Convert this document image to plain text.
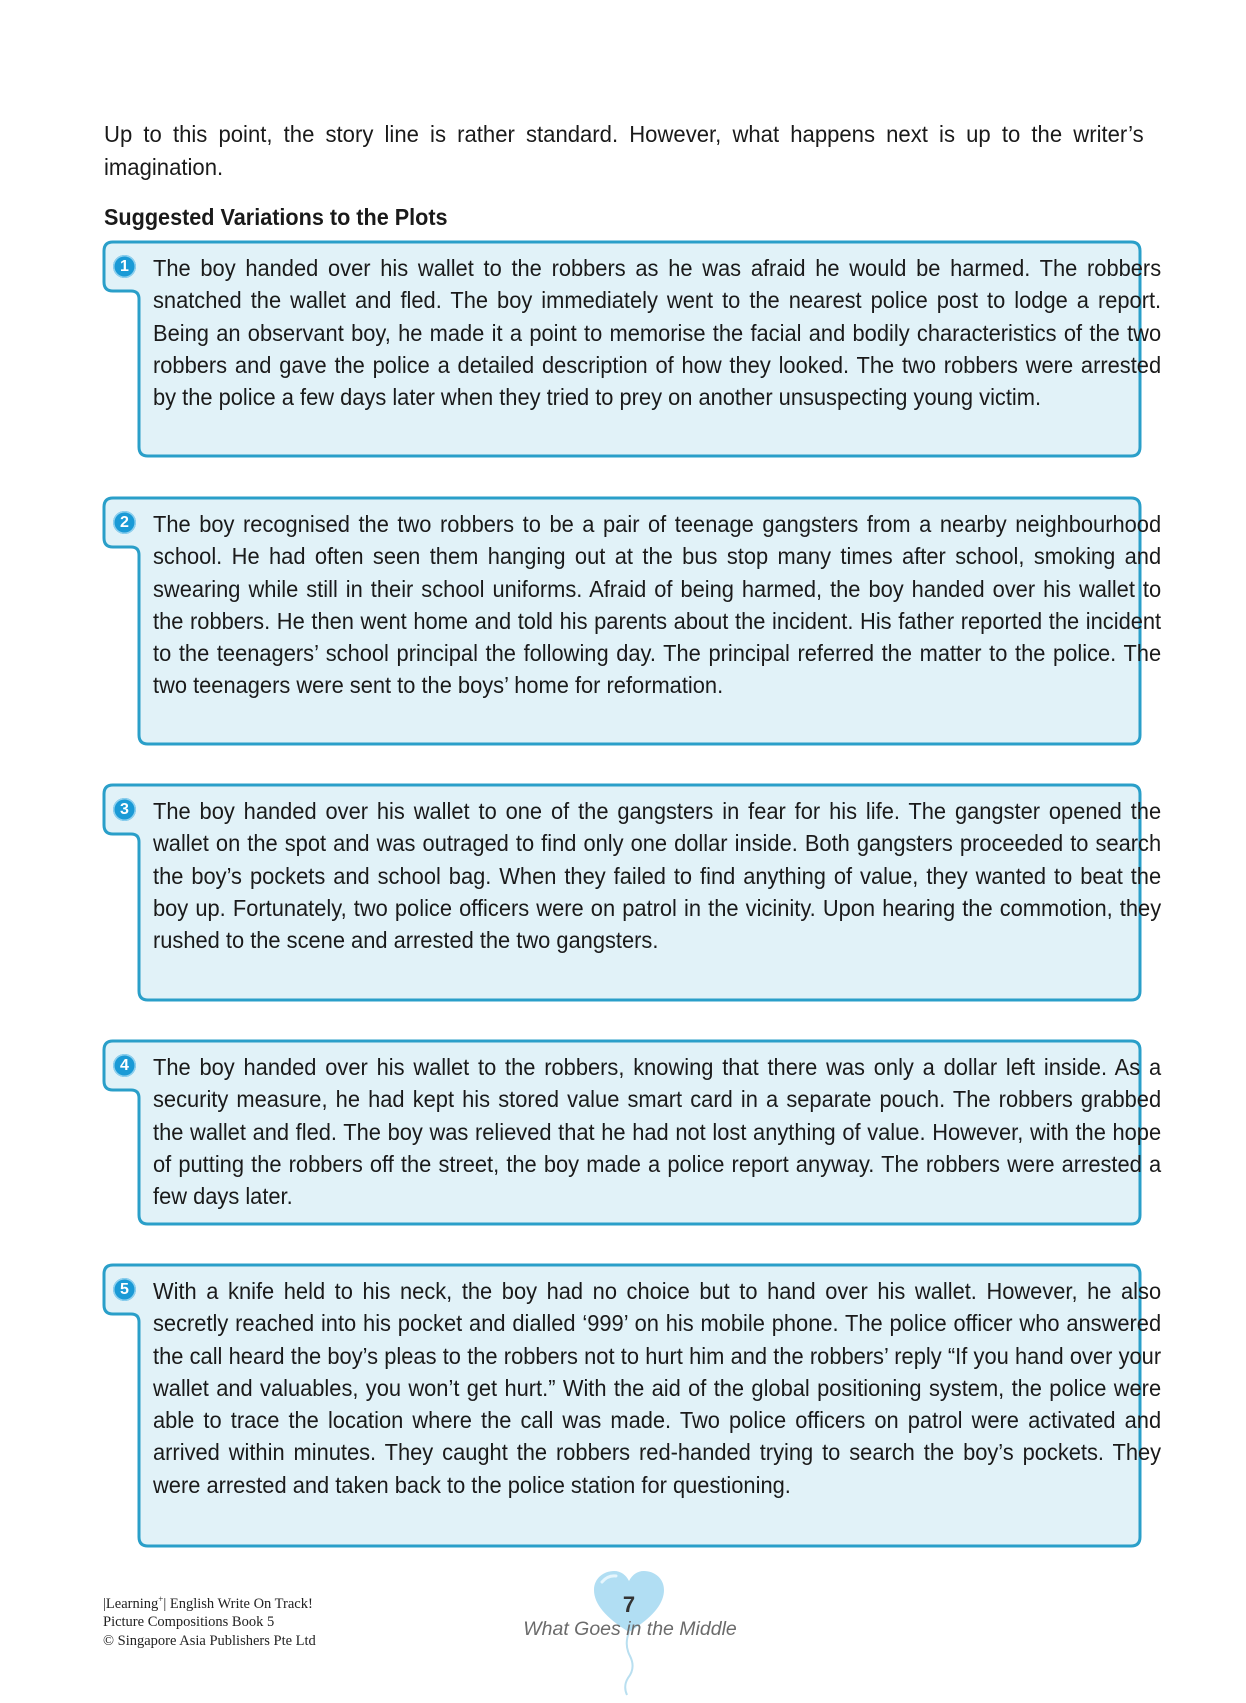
Up to this point, the story line is rather standard. However, what happens next is up to the writer’s imagination.
Suggested Variations to the Plots
1 The boy handed over his wallet to the robbers as he was afraid he would be harmed. The robbers snatched the wallet and fled. The boy immediately went to the nearest police post to lodge a report. Being an observant boy, he made it a point to memorise the facial and bodily characteristics of the two robbers and gave the police a detailed description of how they looked. The two robbers were arrested by the police a few days later when they tried to prey on another unsuspecting young victim.
2 The boy recognised the two robbers to be a pair of teenage gangsters from a nearby neighbourhood school. He had often seen them hanging out at the bus stop many times after school, smoking and swearing while still in their school uniforms. Afraid of being harmed, the boy handed over his wallet to the robbers. He then went home and told his parents about the incident. His father reported the incident to the teenagers’ school principal the following day. The principal referred the matter to the police. The two teenagers were sent to the boys’ home for reformation.
3 The boy handed over his wallet to one of the gangsters in fear for his life. The gangster opened the wallet on the spot and was outraged to find only one dollar inside. Both gangsters proceeded to search the boy’s pockets and school bag. When they failed to find anything of value, they wanted to beat the boy up. Fortunately, two police officers were on patrol in the vicinity. Upon hearing the commotion, they rushed to the scene and arrested the two gangsters.
4 The boy handed over his wallet to the robbers, knowing that there was only a dollar left inside. As a security measure, he had kept his stored value smart card in a separate pouch. The robbers grabbed the wallet and fled. The boy was relieved that he had not lost anything of value. However, with the hope of putting the robbers off the street, the boy made a police report anyway. The robbers were arrested a few days later.
5 With a knife held to his neck, the boy had no choice but to hand over his wallet. However, he also secretly reached into his pocket and dialled ‘999’ on his mobile phone. The police officer who answered the call heard the boy’s pleas to the robbers not to hurt him and the robbers’ reply “If you hand over your wallet and valuables, you won’t get hurt.” With the aid of the global positioning system, the police were able to trace the location where the call was made. Two police officers on patrol were activated and arrived within minutes. They caught the robbers red-handed trying to search the boy’s pockets. They were arrested and taken back to the police station for questioning.
|Learning+| English Write On Track!
Picture Compositions Book 5
© Singapore Asia Publishers Pte Ltd
7
What Goes in the Middle
